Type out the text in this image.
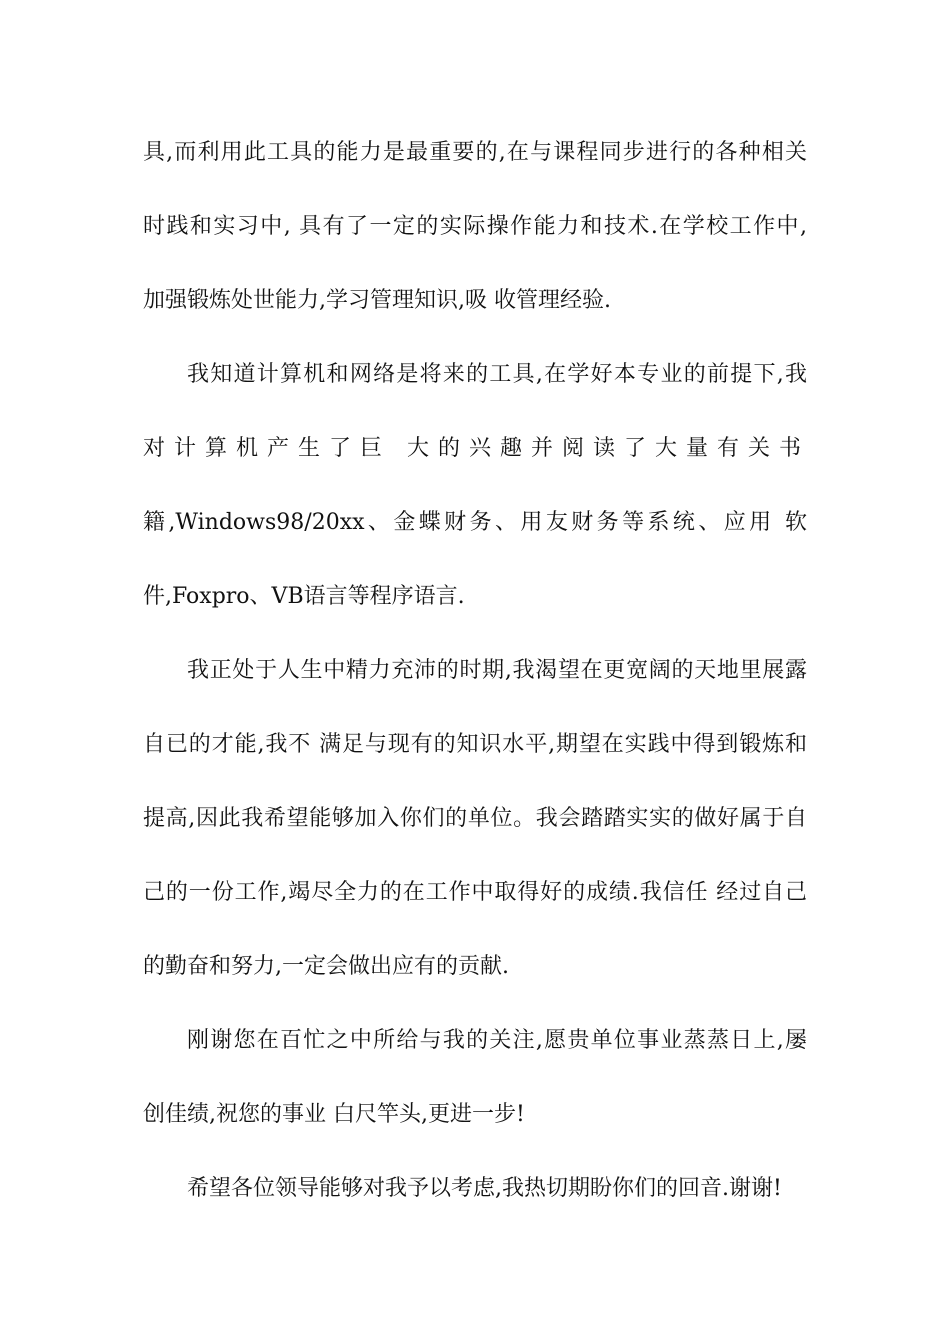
具,而利用此工具的能力是最重要的,在与课程同步进行的各种相关
时践和实习中, 具有了一定的实际操作能力和技术.在学校工作中,
加强锻炼处世能力,学习管理知识,吸 收管理经验.
我知道计算机和网络是将来的工具,在学好本专业的前提下,我
对计算机产生了巨 大的兴趣并阅读了大量有关书
籍,Windows98/20xx、金蝶财务、用友财务等系统、应用 软
件,Foxpro、VB语言等程序语言.
我正处于人生中精力充沛的时期,我渴望在更宽阔的天地里展露
自已的才能,我不 满足与现有的知识水平,期望在实践中得到锻炼和
提高,因此我希望能够加入你们的单位。我会踏踏实实的做好属于自
己的一份工作,竭尽全力的在工作中取得好的成绩.我信任 经过自己
的勤奋和努力,一定会做出应有的贡献.
刚谢您在百忙之中所给与我的关注,愿贵单位事业蒸蒸日上,屡
创佳绩,祝您的事业 白尺竿头,更进一步!
希望各位领导能够对我予以考虑,我热切期盼你们的回音.谢谢!
